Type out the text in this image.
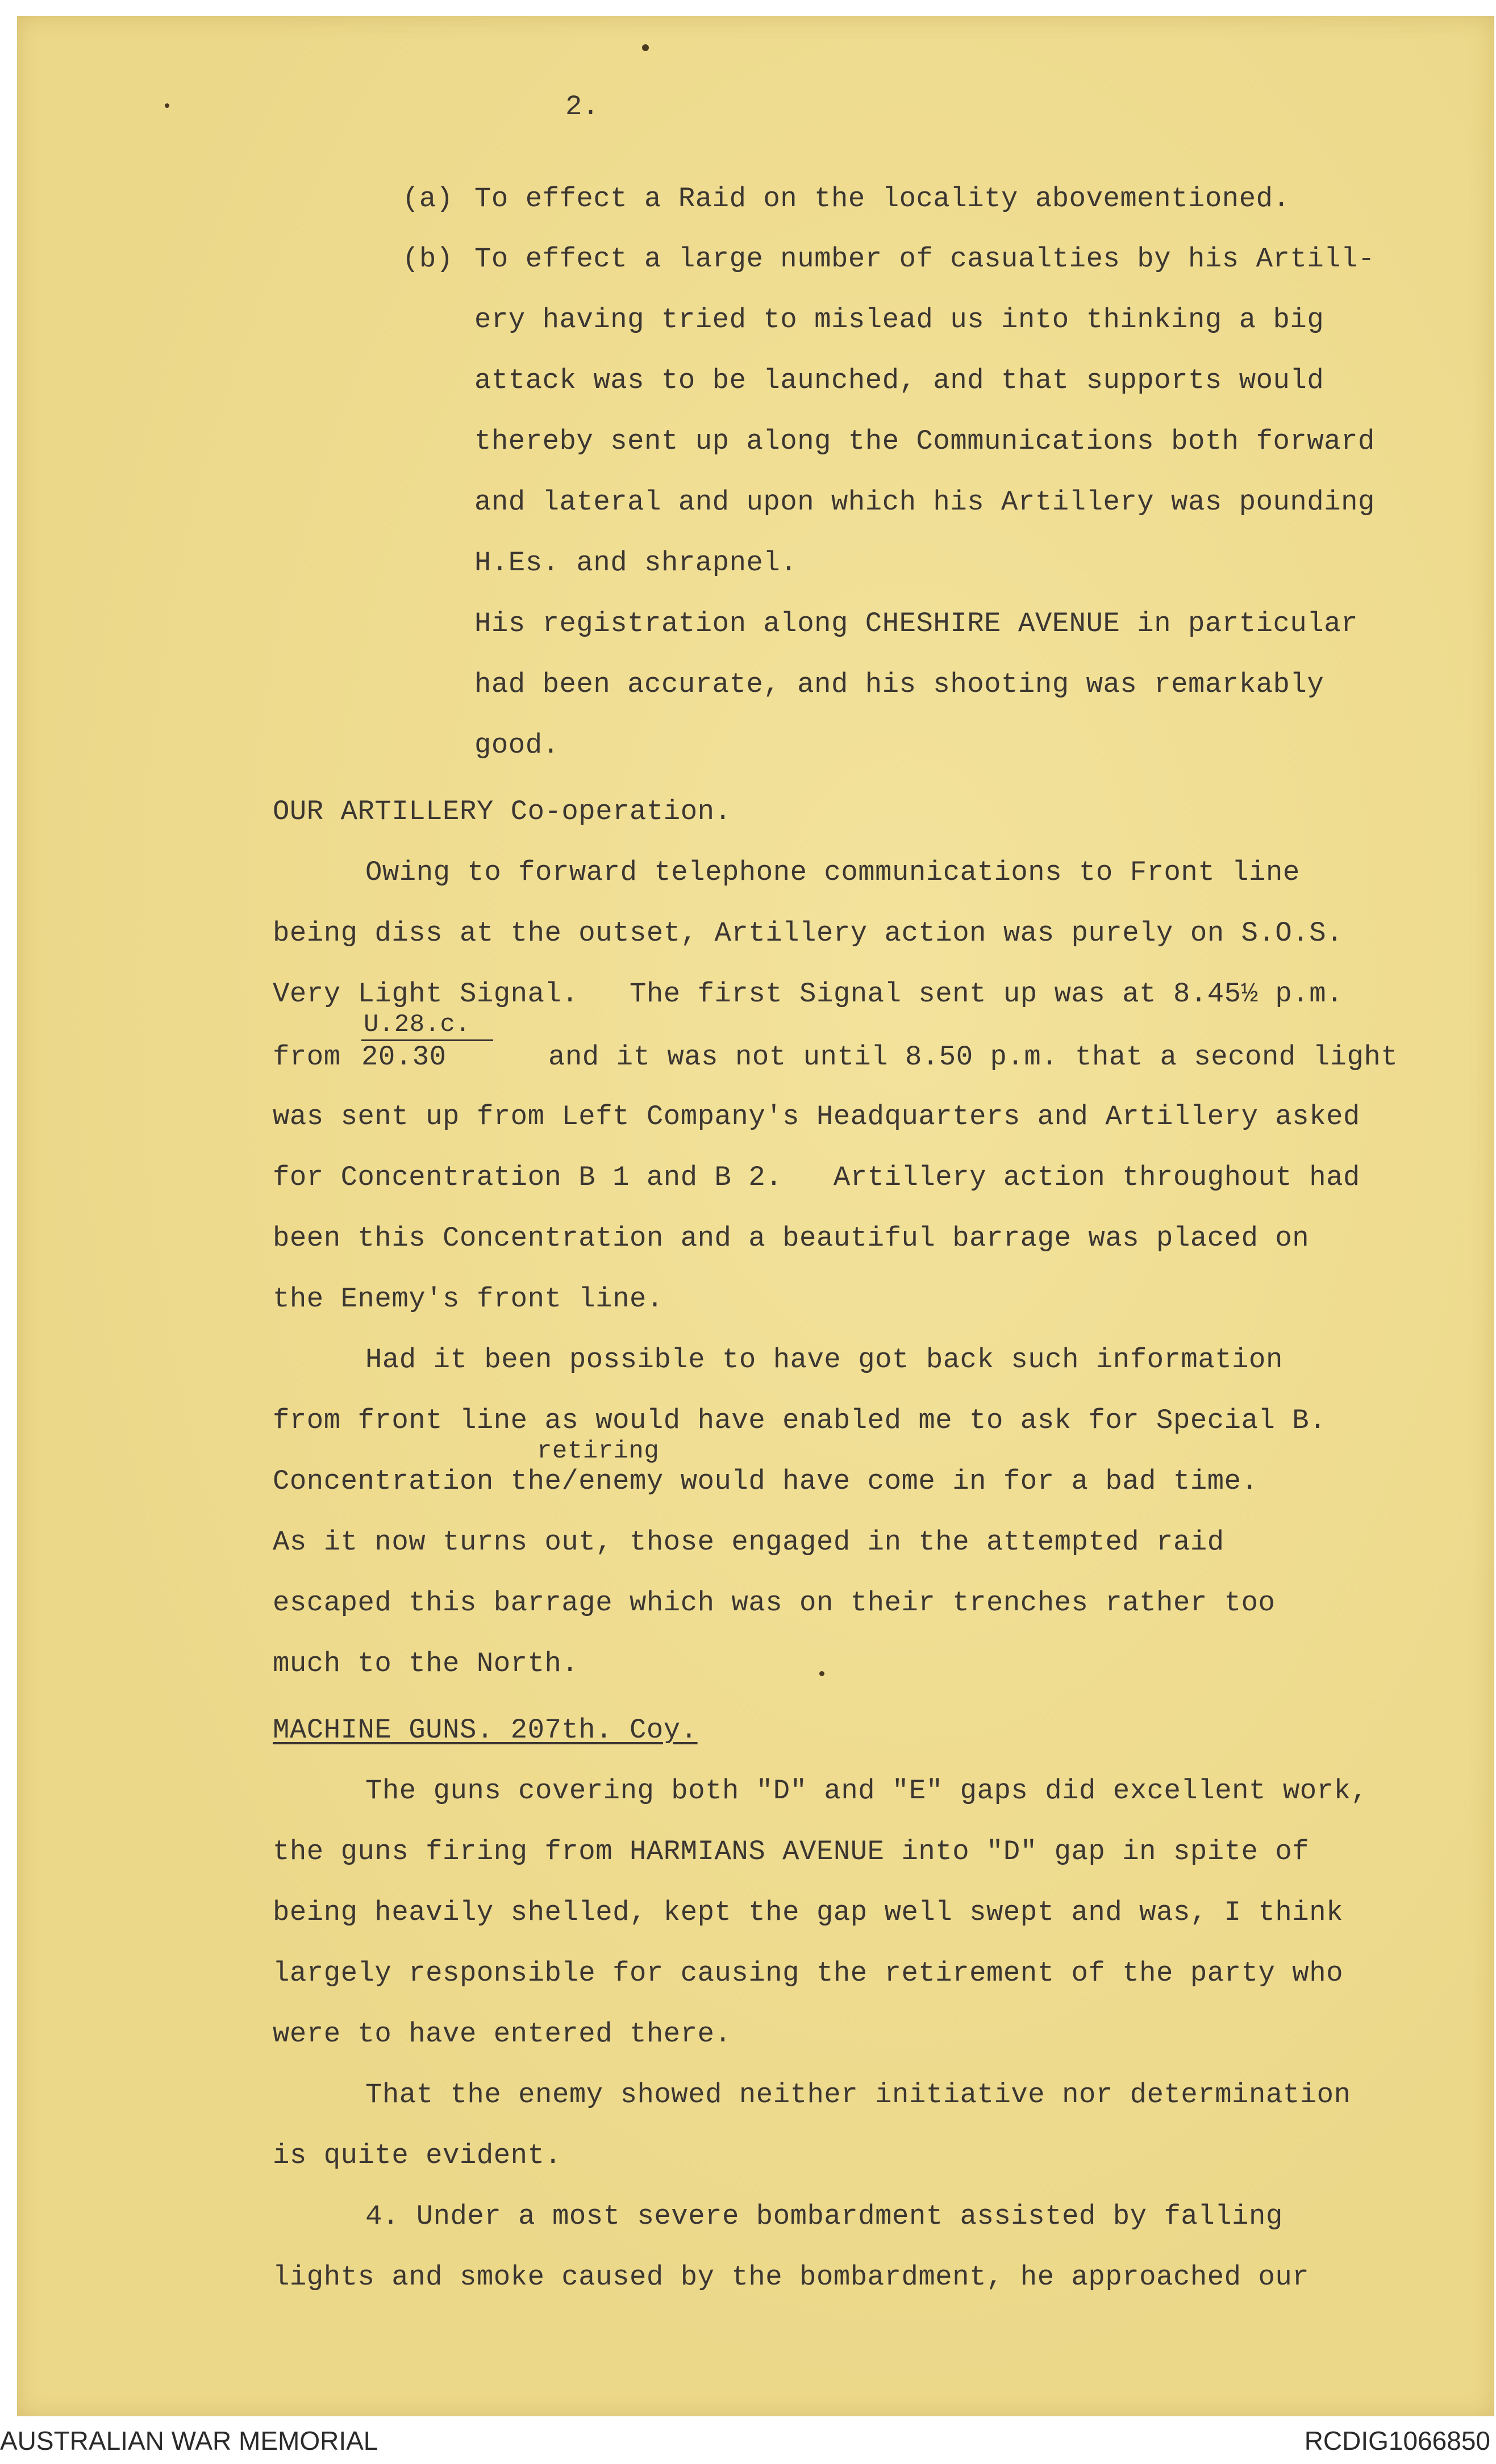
2.
(a) To effect a Raid on the locality abovementioned.
(b) To effect a large number of casualties by his Artill-
ery having tried to mislead us into thinking a big
attack was to be launched, and that supports would
thereby sent up along the Communications both forward
and lateral and upon which his Artillery was pounding
H.Es. and shrapnel.
His registration along CHESHIRE AVENUE in particular
had been accurate, and his shooting was remarkably
good.
OUR ARTILLERY Co-operation.
Owing to forward telephone communications to Front line
being diss at the outset, Artillery action was purely on S.O.S.
Very Light Signal.   The first Signal sent up was at 8.45½ p.m.
U.28.c.
from 20.30	and it was not until 8.50 p.m. that a second light
was sent up from Left Company's Headquarters and Artillery asked
for Concentration B 1 and B 2.   Artillery action throughout had
been this Concentration and a beautiful barrage was placed on
the Enemy's front line.
Had it been possible to have got back such information
from front line as would have enabled me to ask for Special B.
retiring
Concentration the/enemy would have come in for a bad time.
As it now turns out, those engaged in the attempted raid
escaped this barrage which was on their trenches rather too
much to the North.
MACHINE GUNS. 207th. Coy.
The guns covering both "D" and "E" gaps did excellent work,
the guns firing from HARMIANS AVENUE into "D" gap in spite of
being heavily shelled, kept the gap well swept and was, I think
largely responsible for causing the retirement of the party who
were to have entered there.
That the enemy showed neither initiative nor determination
is quite evident.
4. Under a most severe bombardment assisted by falling
lights and smoke caused by the bombardment, he approached our
AUSTRALIAN WAR MEMORIAL	RCDIG1066850
